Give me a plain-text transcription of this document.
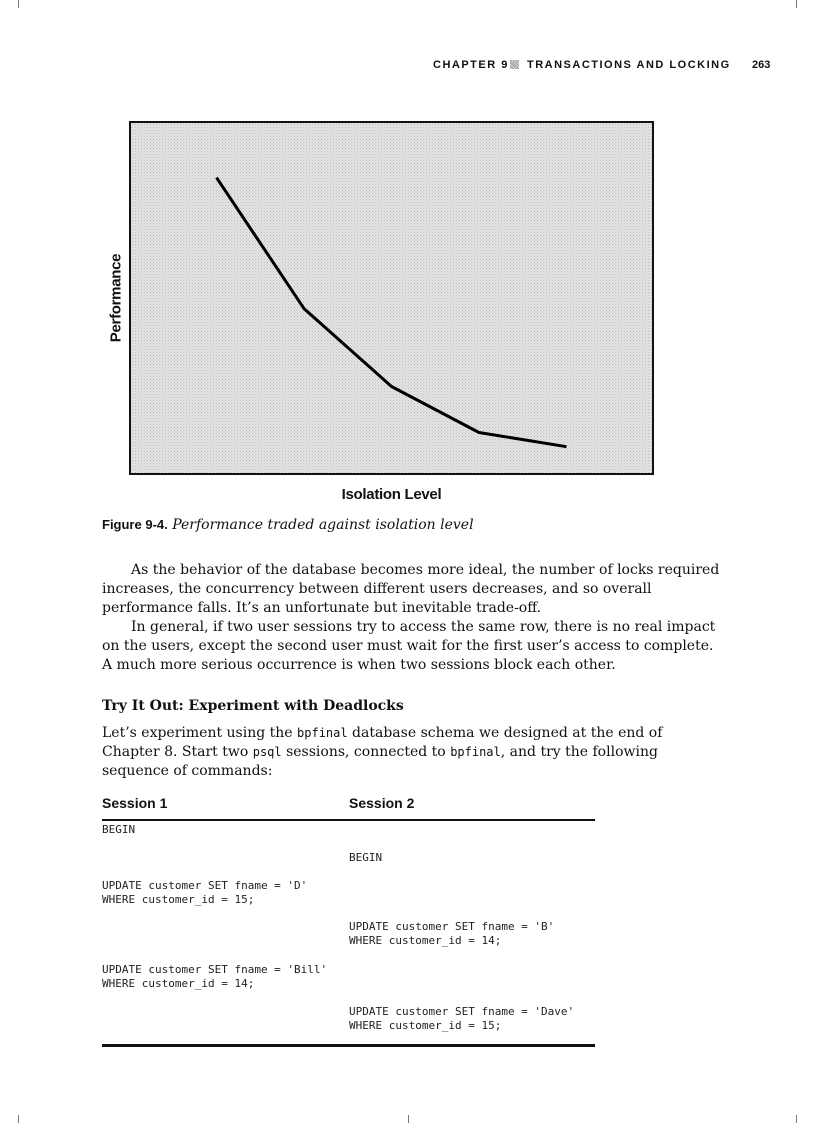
CHAPTER 9 TRANSACTIONS AND LOCKING 263
Performance
Isolation Level
Figure 9-4. Performance traded against isolation level

As the behavior of the database becomes more ideal, the number of locks required increases, the concurrency between different users decreases, and so overall performance falls. It’s an unfortunate but inevitable trade-off.

In general, if two user sessions try to access the same row, there is no real impact on the users, except the second user must wait for the first user’s access to complete. A much more serious occurrence is when two sessions block each other.

Try It Out: Experiment with Deadlocks

Let’s experiment using the bpfinal database schema we designed at the end of Chapter 8. Start two psql sessions, connected to bpfinal, and try the following sequence of commands:

Session 1	Session 2
BEGIN
BEGIN
UPDATE customer SET fname = 'D'
WHERE customer_id = 15;
UPDATE customer SET fname = 'B'
WHERE customer_id = 14;
UPDATE customer SET fname = 'Bill'
WHERE customer_id = 14;
UPDATE customer SET fname = 'Dave'
WHERE customer_id = 15;
